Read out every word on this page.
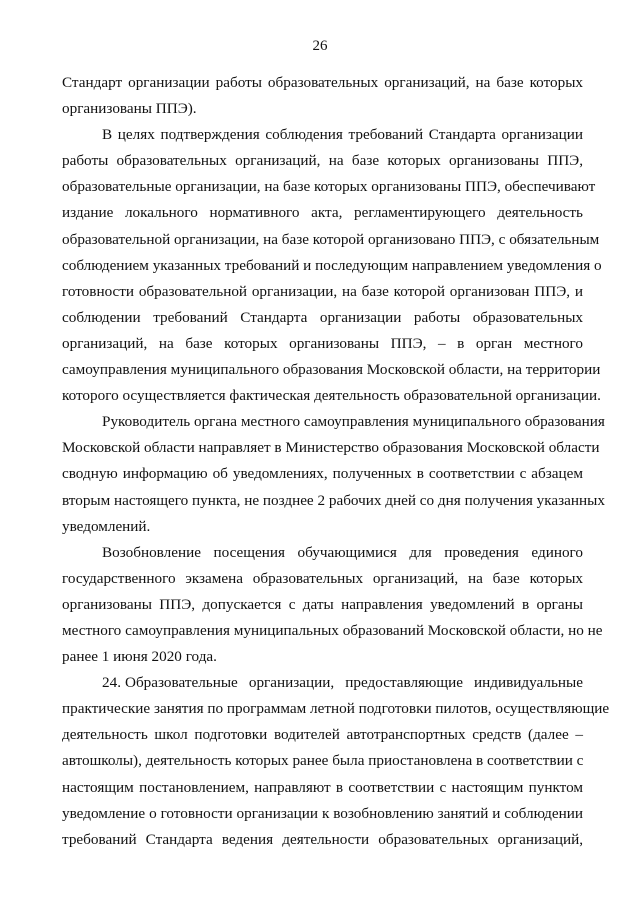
26
Стандарт организации работы образовательных организаций, на базе которых
организованы ППЭ).
В целях подтверждения соблюдения требований Стандарта организации
работы образовательных организаций, на базе которых организованы ППЭ,
образовательные организации, на базе которых организованы ППЭ, обеспечивают
издание локального нормативного акта, регламентирующего деятельность
образовательной организации, на базе которой организовано ППЭ, с обязательным
соблюдением указанных требований и последующим направлением уведомления о
готовности образовательной организации, на базе которой организован ППЭ, и
соблюдении требований Стандарта организации работы образовательных
организаций, на базе которых организованы ППЭ, – в орган местного
самоуправления муниципального образования Московской области, на территории
которого осуществляется фактическая деятельность образовательной организации.
Руководитель органа местного самоуправления муниципального образования
Московской области направляет в Министерство образования Московской области
сводную информацию об уведомлениях, полученных в соответствии с абзацем
вторым настоящего пункта, не позднее 2 рабочих дней со дня получения указанных
уведомлений.
Возобновление посещения обучающимися для проведения единого
государственного экзамена образовательных организаций, на базе которых
организованы ППЭ, допускается с даты направления уведомлений в органы
местного самоуправления муниципальных образований Московской области, но не
ранее 1 июня 2020 года.
24. Образовательные организации, предоставляющие индивидуальные
практические занятия по программам летной подготовки пилотов, осуществляющие
деятельность школ подготовки водителей автотранспортных средств (далее –
автошколы), деятельность которых ранее была приостановлена в соответствии с
настоящим постановлением, направляют в соответствии с настоящим пунктом
уведомление о готовности организации к возобновлению занятий и соблюдении
требований Стандарта ведения деятельности образовательных организаций,
